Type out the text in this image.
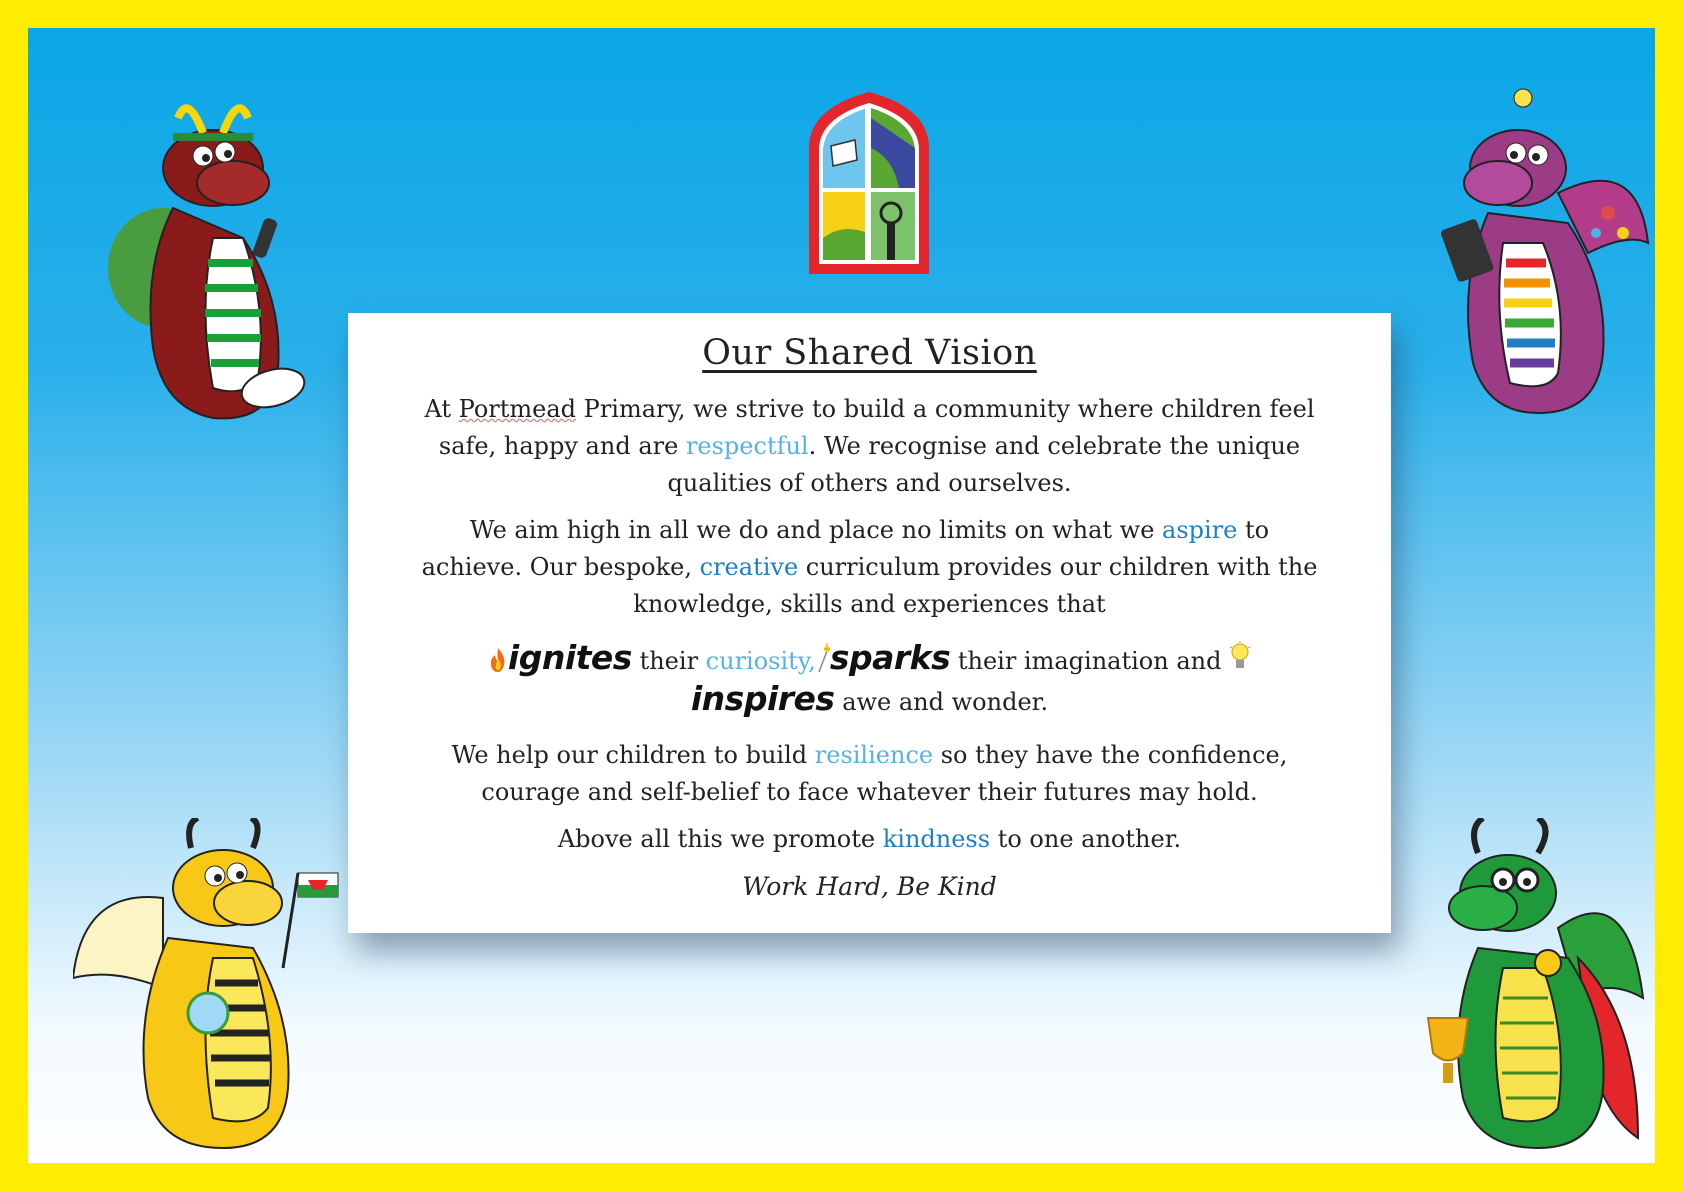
Our Shared Vision

At Portmead Primary, we strive to build a community where children feel safe, happy and are respectful. We recognise and celebrate the unique qualities of others and ourselves.

We aim high in all we do and place no limits on what we aspire to achieve. Our bespoke, creative curriculum provides our children with the knowledge, skills and experiences that

ignites their curiosity, sparks their imagination and inspires awe and wonder.

We help our children to build resilience so they have the confidence, courage and self-belief to face whatever their futures may hold.

Above all this we promote kindness to one another.

Work Hard, Be Kind
